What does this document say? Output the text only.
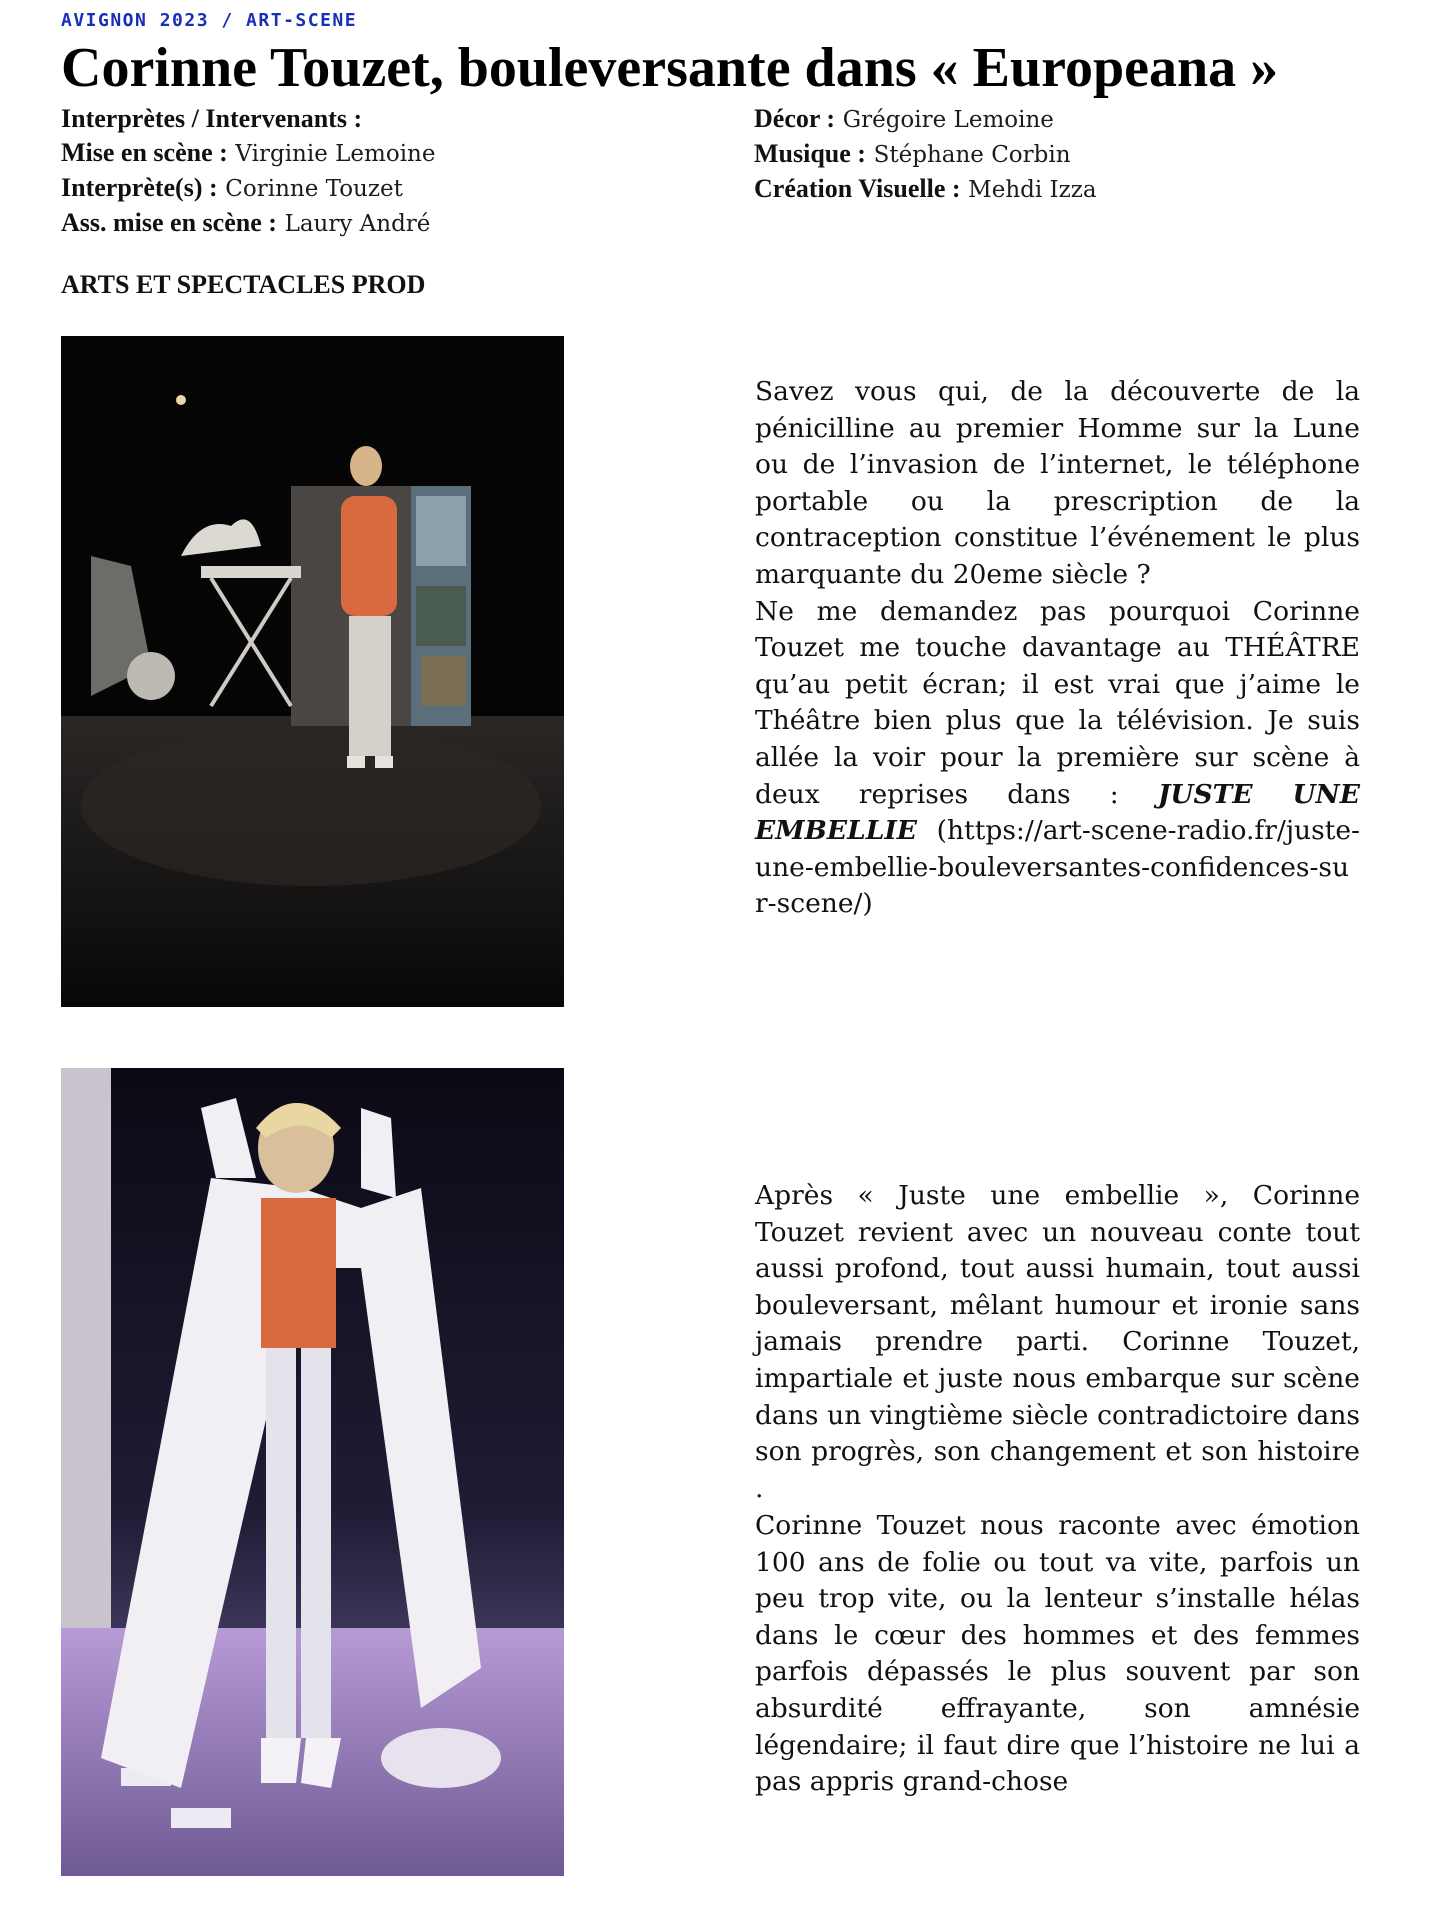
AVIGNON 2023 / ART-SCENE
Corinne Touzet, bouleversante dans « Europeana »
Interprètes / Intervenants :
Mise en scène : Virginie Lemoine
Interprète(s) : Corinne Touzet
Ass. mise en scène : Laury André
Décor : Grégoire Lemoine
Musique : Stéphane Corbin
Création Visuelle : Mehdi Izza
ARTS ET SPECTACLES PROD
Savez vous qui, de la découverte de la pénicilline au premier Homme sur la Lune ou de l’invasion de l’internet, le téléphone portable ou la prescription de la contraception constitue l’événement le plus marquante du 20eme siècle ?
Ne me demandez pas pourquoi Corinne Touzet me touche davantage au THÉÂTRE qu’au petit écran; il est vrai que j’aime le Théâtre bien plus que la télévision. Je suis allée la voir pour la première sur scène à deux reprises dans : JUSTE UNE EMBELLIE (https://art-scene-radio.fr/juste-une-embellie-bouleversantes-confidences-sur-scene/)
Après « Juste une embellie », Corinne Touzet revient avec un nouveau conte tout aussi profond, tout aussi humain, tout aussi bouleversant, mêlant humour et ironie sans jamais prendre parti. Corinne Touzet, impartiale et juste nous embarque sur scène dans un vingtième siècle contradictoire dans son progrès, son changement et son histoire .
Corinne Touzet nous raconte avec émotion 100 ans de folie ou tout va vite, parfois un peu trop vite, ou la lenteur s’installe hélas dans le cœur des hommes et des femmes parfois dépassés le plus souvent par son absurdité effrayante, son amnésie légendaire; il faut dire que l’histoire ne lui a pas appris grand-chose
